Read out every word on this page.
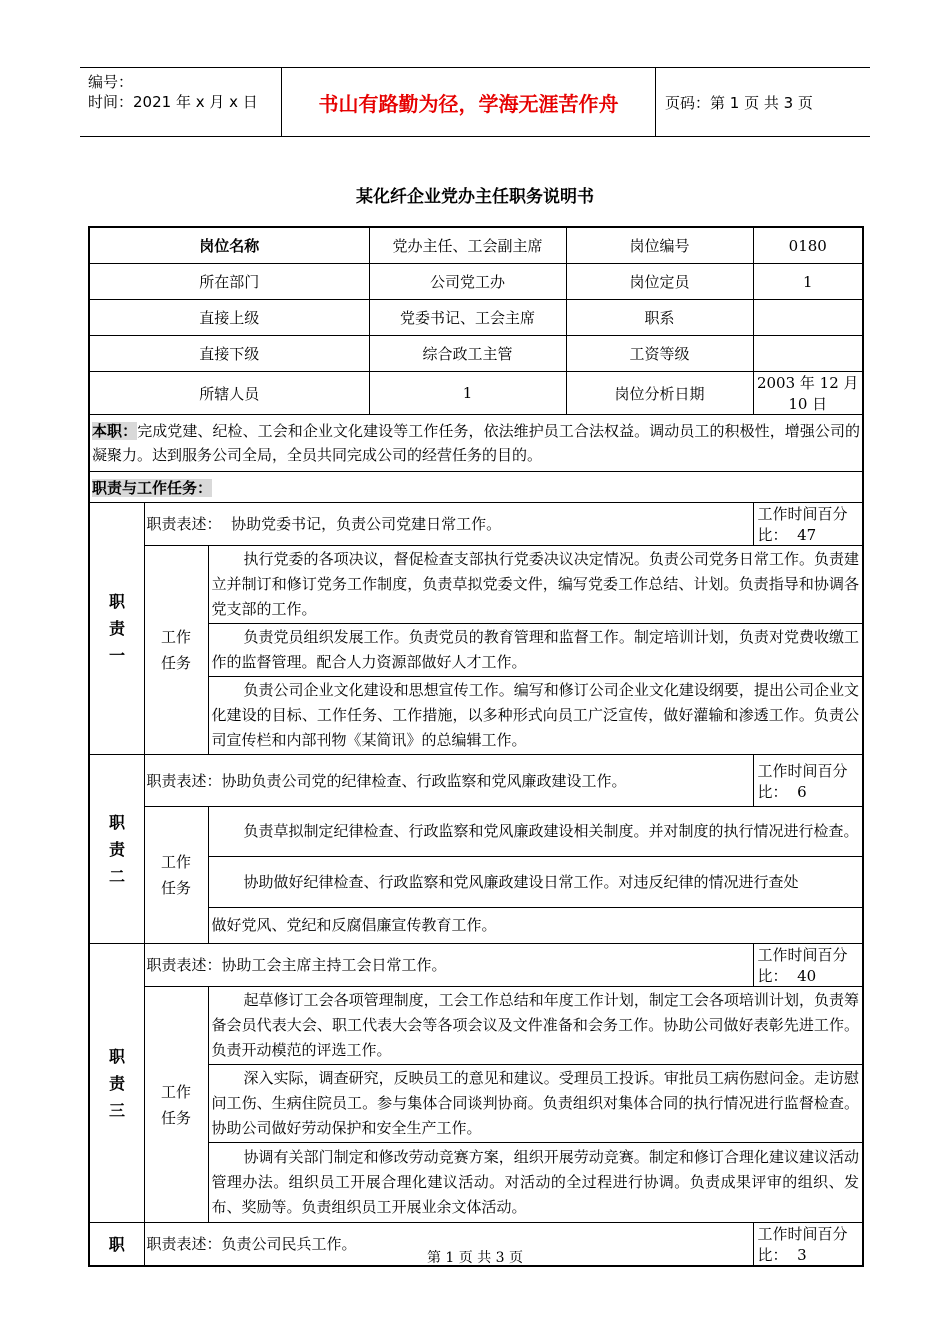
编号：
时间：2021 年 x 月 x 日	书山有路勤为径，学海无涯苦作舟	页码：第 1 页 共 3 页
某化纤企业党办主任职务说明书
岗位名称			党办主任、工会副主席	岗位编号	0180
所在部门			公司党工办	岗位定员	1
直接上级			党委书记、工会主席	职系	
直接下级			综合政工主管	工资等级	
所辖人员			1	岗位分析日期	2003 年 12 月 10 日
本职：完成党建、纪检、工会和企业文化建设等工作任务，依法维护员工合法权益。调动员工的积极性，增强公司的凝聚力。达到服务公司全局，全员共同完成公司的经营任务的目的。					
职责与工作任务：					
职责一	职责表述： 协助党委书记，负责公司党建日常工作。				工作时间百分比： 47
	工作任务	执行党委的各项决议，督促检查支部执行党委决议决定情况。负责公司党务日常工作。负责建立并制订和修订党务工作制度，负责草拟党委文件，编写党委工作总结、计划。负责指导和协调各党支部的工作。			
		负责党员组织发展工作。负责党员的教育管理和监督工作。制定培训计划，负责对党费收缴工作的监督管理。配合人力资源部做好人才工作。			
		负责公司企业文化建设和思想宣传工作。编写和修订公司企业文化建设纲要，提出公司企业文化建设的目标、工作任务、工作措施，以多种形式向员工广泛宣传，做好灌输和渗透工作。负责公司宣传栏和内部刊物《某简讯》的总编辑工作。			
职责二	职责表述：协助负责公司党的纪律检查、行政监察和党风廉政建设工作。				工作时间百分比： 6
	工作任务	负责草拟制定纪律检查、行政监察和党风廉政建设相关制度。并对制度的执行情况进行检查。			
		协助做好纪律检查、行政监察和党风廉政建设日常工作。对违反纪律的情况进行查处			
		做好党风、党纪和反腐倡廉宣传教育工作。			
职责三	职责表述：协助工会主席主持工会日常工作。				工作时间百分比： 40
	工作任务	起草修订工会各项管理制度，工会工作总结和年度工作计划，制定工会各项培训计划，负责筹备会员代表大会、职工代表大会等各项会议及文件准备和会务工作。协助公司做好表彰先进工作。负责开动模范的评选工作。			
		深入实际，调查研究，反映员工的意见和建议。受理员工投诉。审批员工病伤慰问金。走访慰问工伤、生病住院员工。参与集体合同谈判协商。负责组织对集体合同的执行情况进行监督检查。协助公司做好劳动保护和安全生产工作。			
		协调有关部门制定和修改劳动竞赛方案，组织开展劳动竞赛。制定和修订合理化建议建议活动管理办法。组织员工开展合理化建议活动。对活动的全过程进行协调。负责成果评审的组织、发布、奖励等。负责组织员工开展业余文体活动。			
职	职责表述：负责公司民兵工作。				工作时间百分比： 3
第 1 页 共 3 页
